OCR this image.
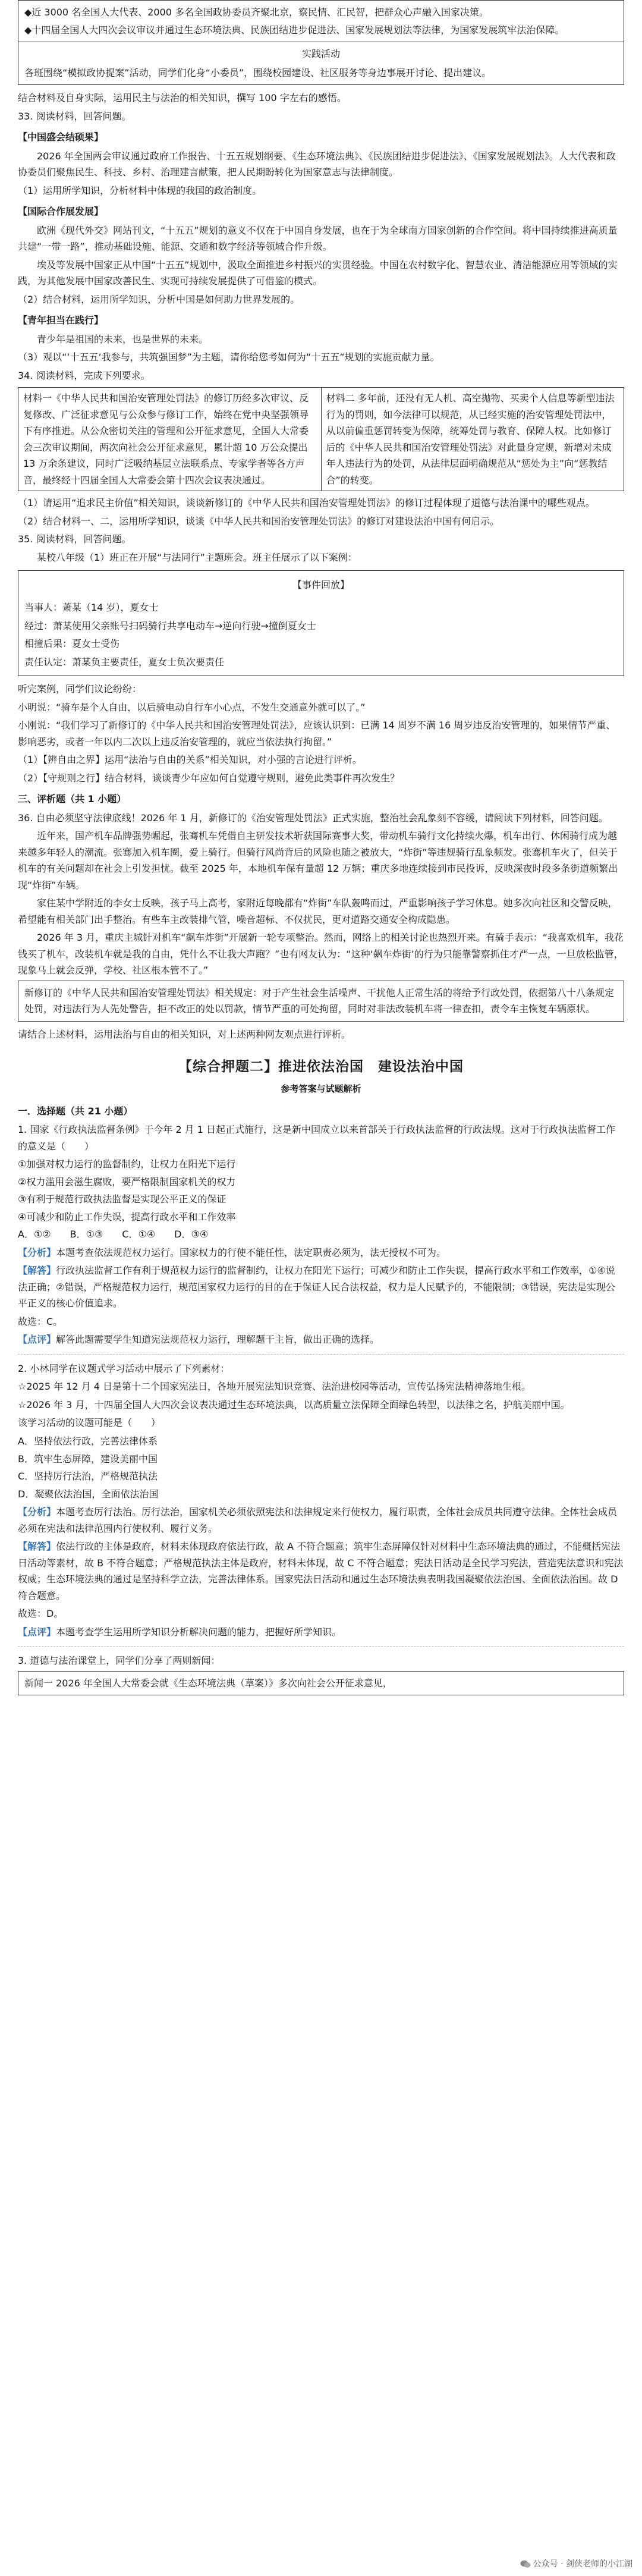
◆近 3000 名全国人大代表、2000 多名全国政协委员齐聚北京，察民情、汇民智，把群众心声融入国家决策。

◆十四届全国人大四次会议审议并通过生态环境法典、民族团结进步促进法、国家发展规划法等法律，为国家发展筑牢法治保障。

实践活动

各班围绕“模拟政协提案”活动，同学们化身“小委员”，围绕校园建设、社区服务等身边事展开讨论、提出建议。

结合材料及自身实际，运用民主与法治的相关知识，撰写 100 字左右的感悟。

33. 阅读材料，回答问题。

【中国盛会结硕果】

2026 年全国两会审议通过政府工作报告、十五五规划纲要、《生态环境法典》、《民族团结进步促进法》、《国家发展规划法》。人大代表和政协委员们聚焦民生、科技、乡村、治理建言献策，把人民期盼转化为国家意志与法律制度。

（1）运用所学知识，分析材料中体现的我国的政治制度。

【国际合作展发展】

欧洲《现代外交》网站刊文，“十五五”规划的意义不仅在于中国自身发展，也在于为全球南方国家创新的合作空间。将中国持续推进高质量共建“一带一路”，推动基础设施、能源、交通和数字经济等领域合作升级。

埃及等发展中国家正从中国“十五五”规划中，汲取全面推进乡村振兴的实贯经验。中国在农村数字化、智慧农业、清洁能源应用等领域的实践，为其他发展中国家改善民生、实现可持续发展提供了可借鉴的模式。

（2）结合材料，运用所学知识，分析中国是如何助力世界发展的。

【青年担当在践行】

青少年是祖国的未来，也是世界的未来。

（3）观以“‘十五五’我参与，共筑强国梦”为主题，请你给您考如何为“十五五”规划的实施贡献力量。

34. 阅读材料，完成下列要求。

材料一《中华人民共和国治安管理处罚法》的修订历经多次审议、反复修改、广泛征求意见与公众参与修订工作，始终在党中央坚强领导下有序推进。从公众密切关注的管理和公开征求意见，全国人大常委会三次审议期间，两次向社会公开征求意见，累计超 10 万公众提出 13 万余条建议，同时广泛吸纳基层立法联系点、专家学者等各方声音，最终经十四届全国人大常委会第十四次会议表决通过。
材料二 多年前，还没有无人机、高空抛物、买卖个人信息等新型违法行为的罚则，如今法律可以规范，从已经实施的治安管理处罚法中，从以前偏重惩罚转变为保障，统筹处罚与教育、保障人权。比如修订后的《中华人民共和国治安管理处罚法》对此量身定规，新增对未成年人违法行为的处罚，从法律层面明确规范从“惩处为主”向“惩教结合”的转变。

（1）请运用“追求民主价值”相关知识，谈谈新修订的《中华人民共和国治安管理处罚法》的修订过程体现了道德与法治课中的哪些观点。

（2）结合材料一、二，运用所学知识，谈谈《中华人民共和国治安管理处罚法》的修订对建设法治中国有何启示。

35. 阅读材料，回答问题。

某校八年级（1）班正在开展“与法同行”主题班会。班主任展示了以下案例：

【事件回放】

当事人：萧某（14 岁），夏女士

经过：萧某使用父亲账号扫码骑行共享电动车→逆向行驶→撞倒夏女士

相撞后果：夏女士受伤

责任认定：萧某负主要责任，夏女士负次要责任

听完案例，同学们议论纷纷：

小明说：“骑车是个人自由，以后骑电动自行车小心点，不发生交通意外就可以了。”

小刚说：“我们学习了新修订的《中华人民共和国治安管理处罚法》，应该认识到：已满 14 周岁不满 16 周岁违反治安管理的，如果情节严重、影响恶劣，或者一年以内二次以上违反治安管理的，就应当依法执行拘留。”

（1）【辨自由之界】运用“法治与自由的关系”相关知识，对小强的言论进行评析。

（2）【守规则之行】结合材料，谈谈青少年应如何自觉遵守规则，避免此类事件再次发生？

三、评析题（共 1 小题）

36. 自由必须坚守法律底线！2026 年 1 月，新修订的《治安管理处罚法》正式实施，整治社会乱象刻不容缓，请阅读下列材料，回答问题。

近年来，国产机车品牌强势崛起，张骞机车凭借自主研发技术斩获国际赛事大奖，带动机车骑行文化持续火爆，机车出行、休闲骑行成为越来越多年轻人的潮流。张骞加入机车圈，爱上骑行。但骑行风尚背后的风险也随之被放大，“炸街”等违规骑行乱象频发。张骞机车火了，但关于机车的有关问题却在社会上引发担忧。截至 2025 年，本地机车保有量超 12 万辆；重庆多地连续接到市民投诉，反映深夜时段多条街道频繁出现“炸街”车辆。

家住某中学附近的李女士反映，孩子马上高考，家附近每晚都有“炸街”车队轰鸣而过，严重影响孩子学习休息。她多次向社区和交警反映，希望能有相关部门出手整治。有些车主改装排气管，噪音超标、不仅扰民，更对道路交通安全构成隐患。

2026 年 3 月，重庆主城针对机车“飙车炸街”开展新一轮专项整治。然而，网络上的相关讨论也热烈开来。有骑手表示：“我喜欢机车，我花钱买了机车，改装机车就是我的自由，凭什么不让我大声跑？”也有网友认为：“这种‘飙车炸街’的行为只能靠警察抓住才严一点，一旦放松监管，现象马上就会反弹，学校、社区根本管不了。”

新修订的《中华人民共和国治安管理处罚法》相关规定：对于产生社会生活噪声、干扰他人正常生活的将给予行政处罚，依据第八十八条规定处罚，对违法行为人先处警告，拒不改正的处以罚款，情节严重的可处拘留，同时对非法改装机车将一律查扣，责令车主恢复车辆原状。

请结合上述材料，运用法治与自由的相关知识，对上述两种网友观点进行评析。

【综合押题二】推进依法治国　建设法治中国

参考答案与试题解析

一．选择题（共 21 小题）

1. 国家《行政执法监督条例》于今年 2 月 1 日起正式施行，这是新中国成立以来首部关于行政执法监督的行政法规。这对于行政执法监督工作的意义是（　　）

①加强对权力运行的监督制约，让权力在阳光下运行

②权力滥用会滋生腐败，要严格限制国家机关的权力

③有利于规范行政执法监督是实现公平正义的保证

④可减少和防止工作失误，提高行政水平和工作效率

A．①②　　B．①③　　C．①④　　D．③④

【分析】本题考查依法规范权力运行。国家权力的行使不能任性，法定职责必须为，法无授权不可为。

【解答】行政执法监督工作有利于规范权力运行的监督制约，让权力在阳光下运行；可减少和防止工作失误，提高行政水平和工作效率，①④说法正确；②错误，严格规范权力运行，规范国家权力运行的目的在于保证人民合法权益，权力是人民赋予的，不能限制；③错误，宪法是实现公平正义的核心价值追求。

故选：C。

【点评】解答此题需要学生知道宪法规范权力运行，理解题干主旨，做出正确的选择。

2. 小林同学在议题式学习活动中展示了下列素材：

☆2025 年 12 月 4 日是第十二个国家宪法日，各地开展宪法知识竞赛、法治进校园等活动，宣传弘扬宪法精神落地生根。

☆2026 年 3 月，十四届全国人大四次会议表决通过生态环境法典，以高质量立法保障全面绿色转型，以法律之名，护航美丽中国。

该学习活动的议题可能是（　　）

A．坚持依法行政，完善法律体系

B．筑牢生态屏障，建设美丽中国

C．坚持厉行法治，严格规范执法

D．凝聚依法治国，全面依法治国

【分析】本题考查厉行法治。厉行法治，国家机关必须依照宪法和法律规定来行使权力，履行职责，全体社会成员共同遵守法律。全体社会成员必须在宪法和法律范围内行使权利、履行义务。

【解答】依法行政的主体是政府，材料未体现政府依法行政，故 A 不符合题意；筑牢生态屏障仅针对材料中生态环境法典的通过，不能概括宪法日活动等素材，故 B 不符合题意；严格规范执法主体是政府，材料未体现，故 C 不符合题意；宪法日活动是全民学习宪法，营造宪法意识和宪法权威；生态环境法典的通过是坚持科学立法，完善法律体系。国家宪法日活动和通过生态环境法典表明我国凝聚依法治国、全面依法治国。故 D 符合题意。

故选：D。

【点评】本题考查学生运用所学知识分析解决问题的能力，把握好所学知识。

3. 道德与法治课堂上，同学们分享了两则新闻：

新闻一 2026 年全国人大常委会就《生态环境法典（草案）》多次向社会公开征求意见，

公众号 · 剑侠老师的小江湖
